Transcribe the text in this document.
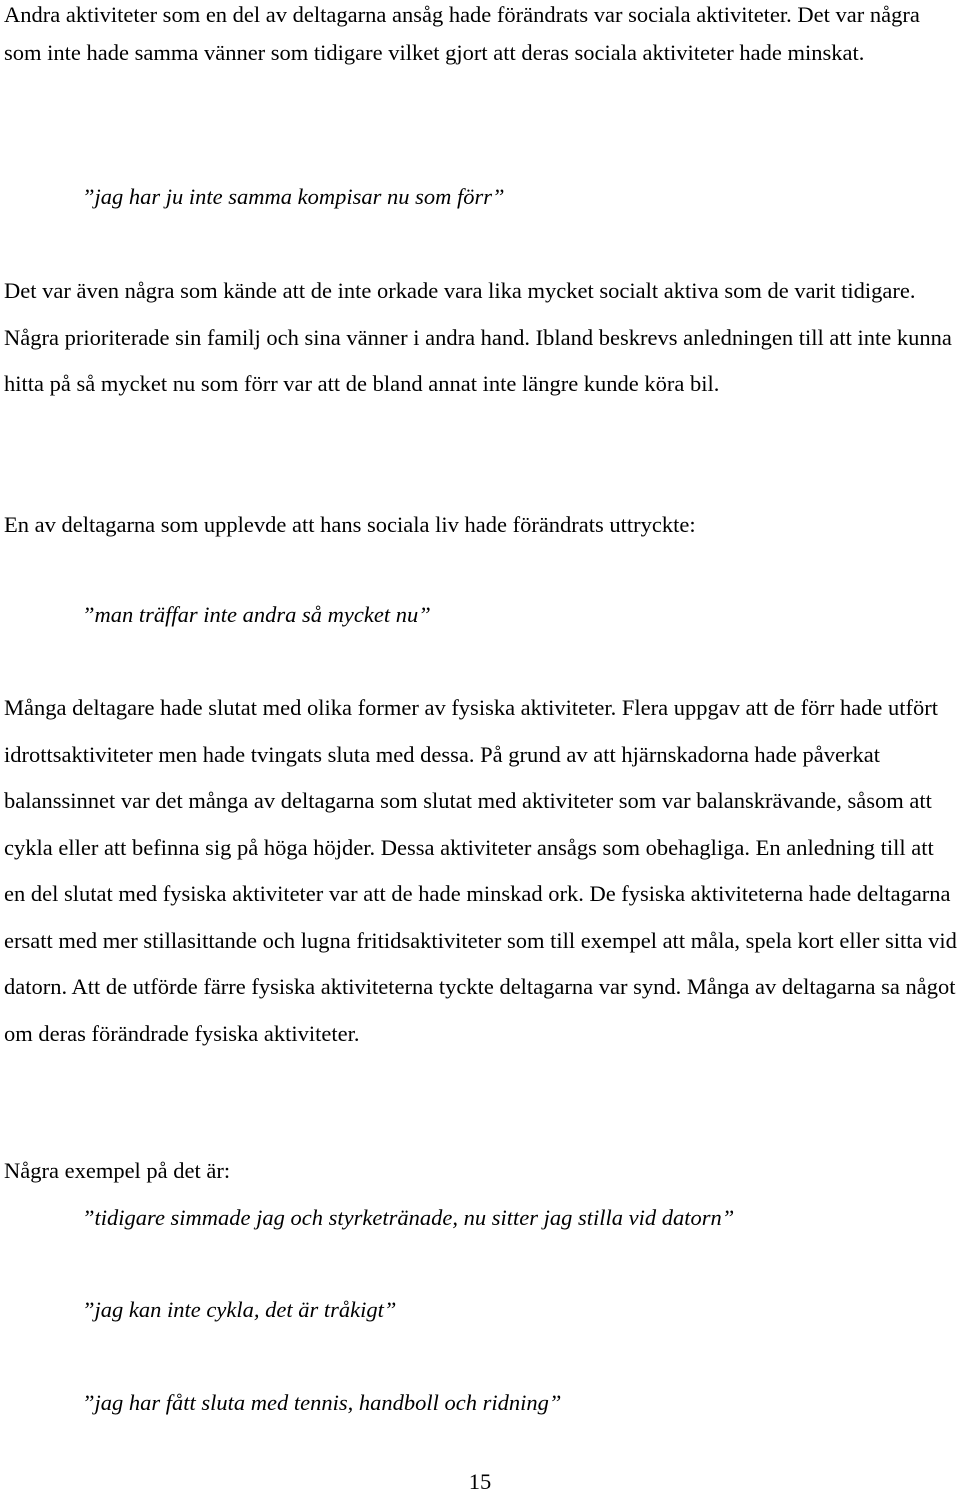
Andra aktiviteter som en del av deltagarna ansåg hade förändrats var sociala aktiviteter. Det var några som inte hade samma vänner som tidigare vilket gjort att deras sociala aktiviteter hade minskat.

”jag har ju inte samma kompisar nu som förr”

Det var även några som kände att de inte orkade vara lika mycket socialt aktiva som de varit tidigare. Några prioriterade sin familj och sina vänner i andra hand. Ibland beskrevs anledningen till att inte kunna hitta på så mycket nu som förr var att de bland annat inte längre kunde köra bil.

En av deltagarna som upplevde att hans sociala liv hade förändrats uttryckte:

”man träffar inte andra så mycket nu”

Många deltagare hade slutat med olika former av fysiska aktiviteter. Flera uppgav att de förr hade utfört idrottsaktiviteter men hade tvingats sluta med dessa. På grund av att hjärnskadorna hade påverkat balanssinnet var det många av deltagarna som slutat med aktiviteter som var balanskrävande, såsom att cykla eller att befinna sig på höga höjder. Dessa aktiviteter ansågs som obehagliga. En anledning till att en del slutat med fysiska aktiviteter var att de hade minskad ork. De fysiska aktiviteterna hade deltagarna ersatt med mer stillasittande och lugna fritidsaktiviteter som till exempel att måla, spela kort eller sitta vid datorn. Att de utförde färre fysiska aktiviteterna tyckte deltagarna var synd. Många av deltagarna sa något om deras förändrade fysiska aktiviteter.

Några exempel på det är:

”tidigare simmade jag och styrketränade, nu sitter jag stilla vid datorn”

”jag kan inte cykla, det är tråkigt”

”jag har fått sluta med tennis, handboll och ridning”

15
